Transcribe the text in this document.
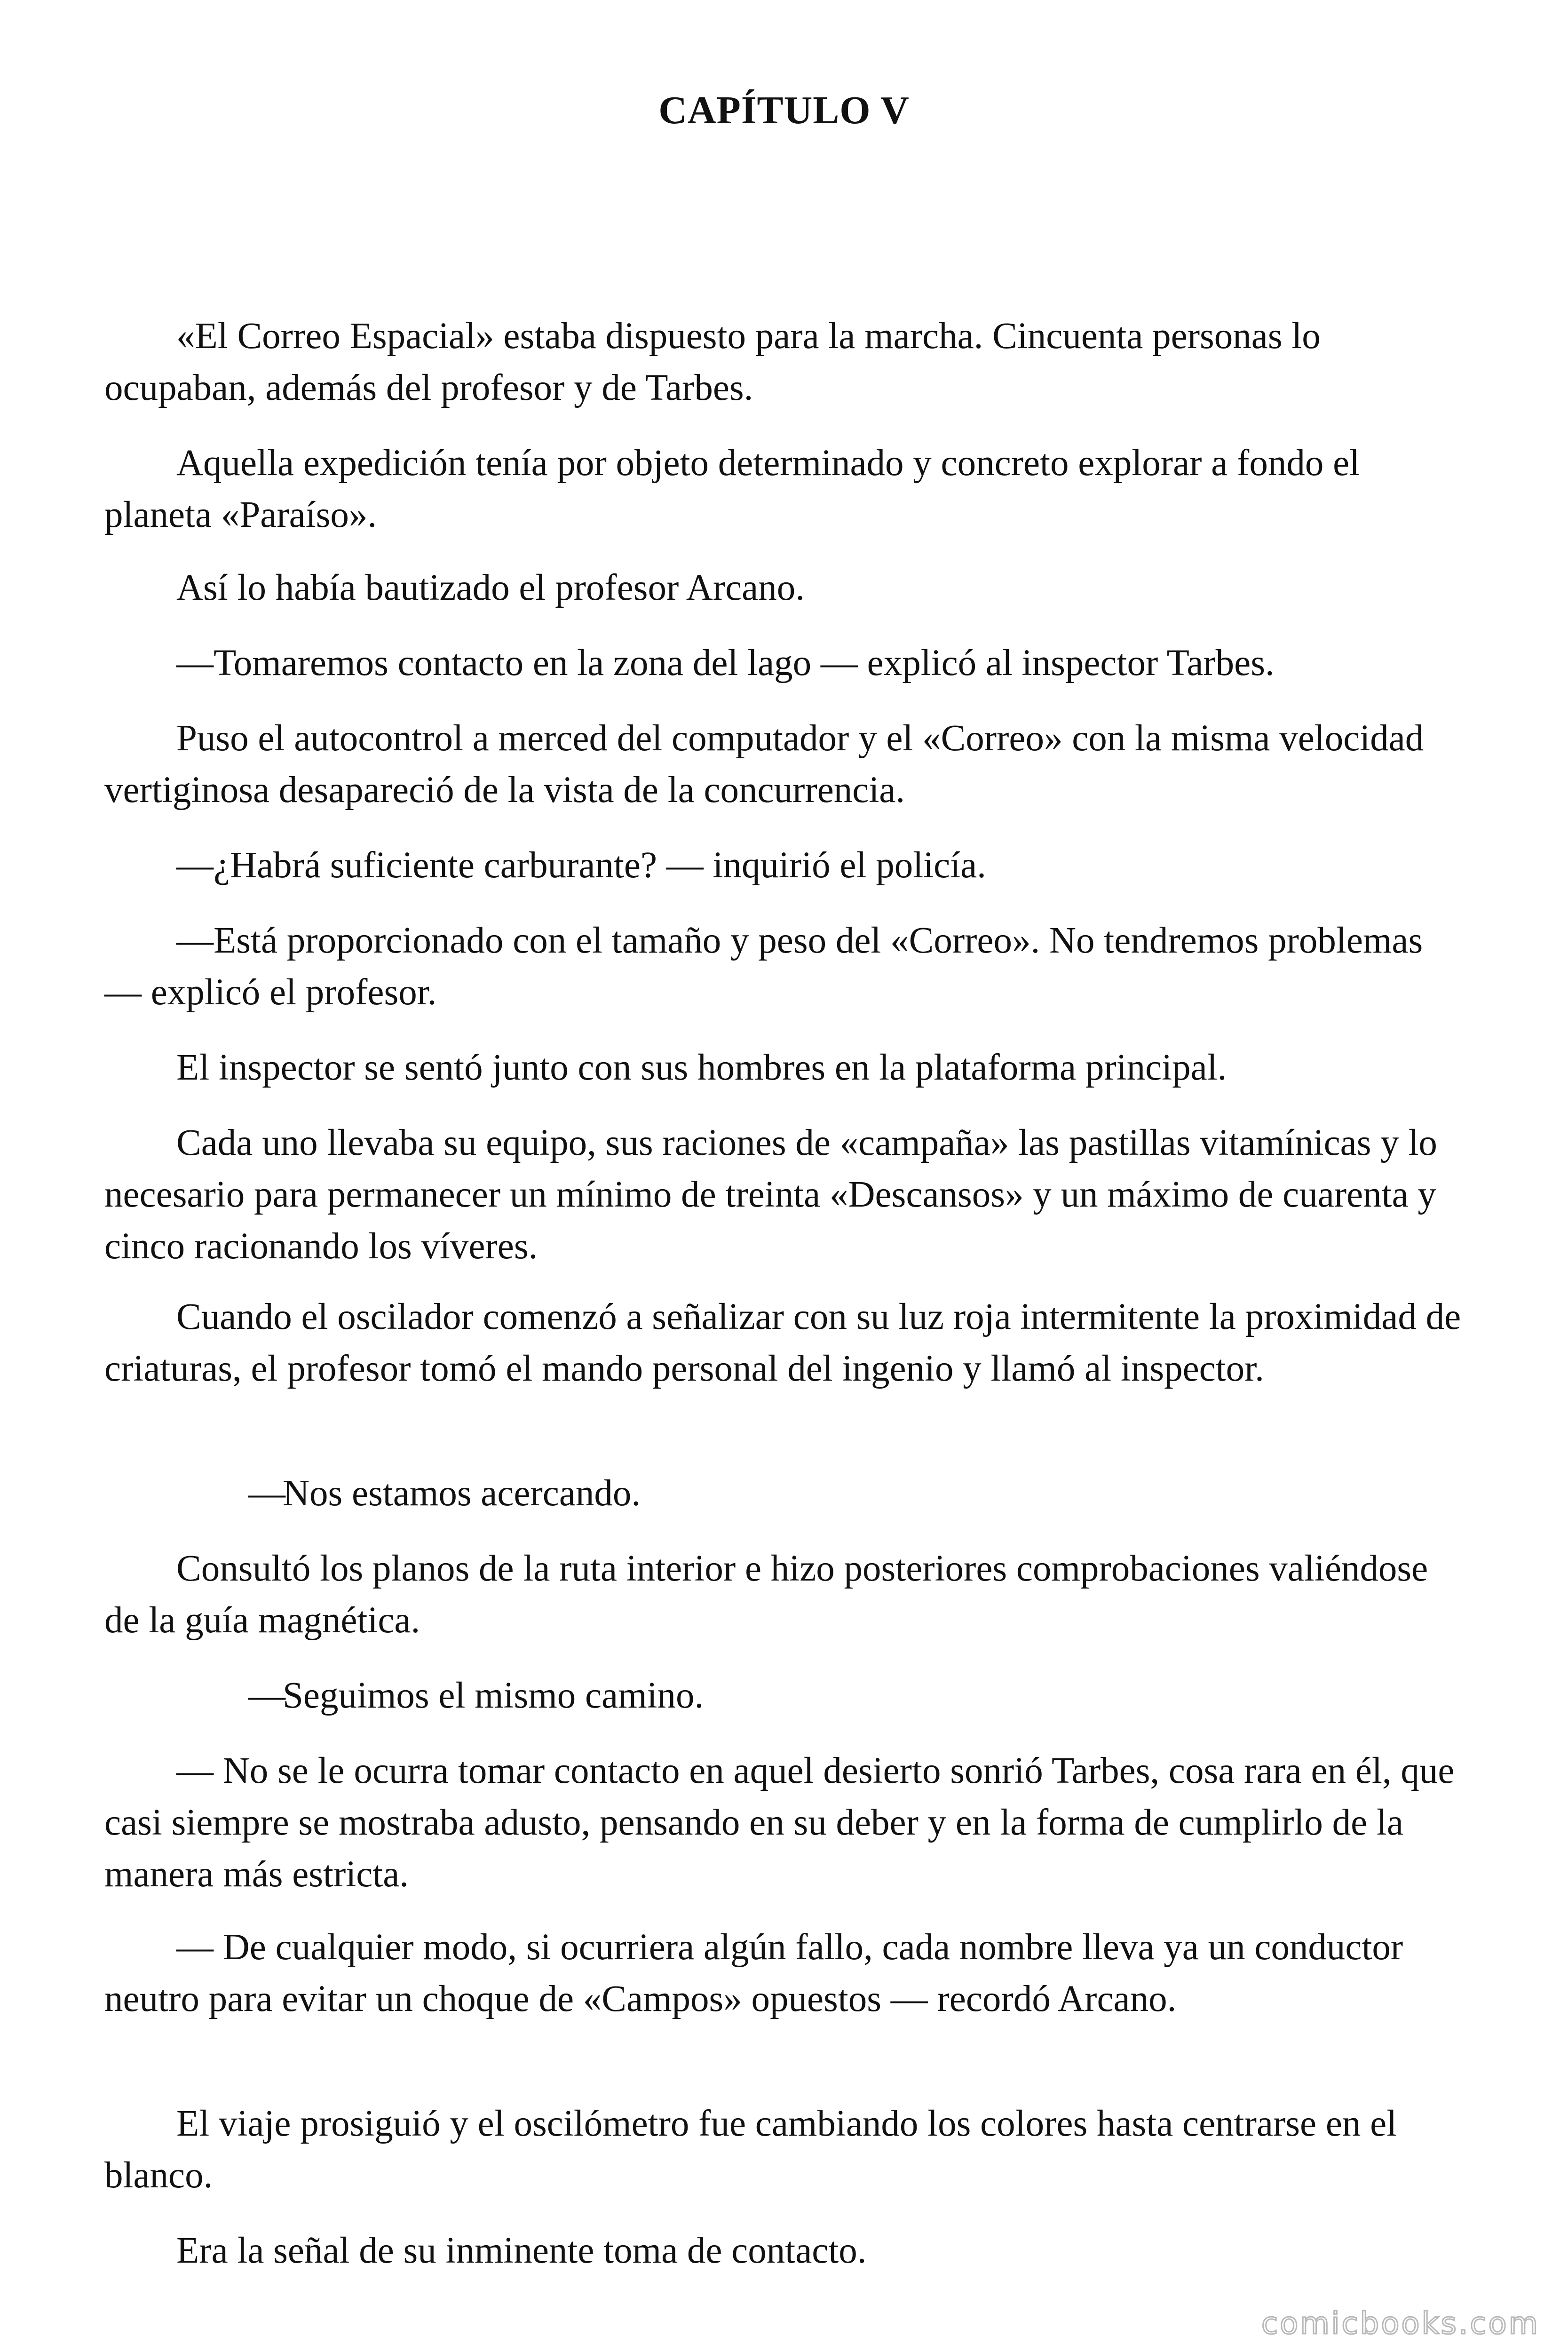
CAPÍTULO V

«El Correo Espacial» estaba dispuesto para la marcha. Cincuenta personas lo ocupaban, además del profesor y de Tarbes.

Aquella expedición tenía por objeto determinado y concreto explorar a fondo el planeta «Paraíso».

Así lo había bautizado el profesor Arcano.

—Tomaremos contacto en la zona del lago — explicó al inspector Tarbes.

Puso el autocontrol a merced del computador y el «Correo» con la misma velocidad vertiginosa desapareció de la vista de la concurrencia.

—¿Habrá suficiente carburante? — inquirió el policía.

—Está proporcionado con el tamaño y peso del «Correo». No tendremos problemas — explicó el profesor.

El inspector se sentó junto con sus hombres en la plataforma principal.

Cada uno llevaba su equipo, sus raciones de «campaña» las pastillas vitamínicas y lo necesario para permanecer un mínimo de treinta «Descansos» y un máximo de cuarenta y cinco racionando los víveres.

Cuando el oscilador comenzó a señalizar con su luz roja intermitente la proximidad de criaturas, el profesor tomó el mando personal del ingenio y llamó al inspector.

—Nos estamos acercando.

Consultó los planos de la ruta interior e hizo posteriores comprobaciones valiéndose de la guía magnética.

—Seguimos el mismo camino.

— No se le ocurra tomar contacto en aquel desierto sonrió Tarbes, cosa rara en él, que casi siempre se mostraba adusto, pensando en su deber y en la forma de cumplirlo de la manera más estricta.

— De cualquier modo, si ocurriera algún fallo, cada nombre lleva ya un conductor neutro para evitar un choque de «Campos» opuestos — recordó Arcano.

El viaje prosiguió y el oscilómetro fue cambiando los colores hasta centrarse en el blanco.

Era la señal de su inminente toma de contacto.

comicbooks.com
